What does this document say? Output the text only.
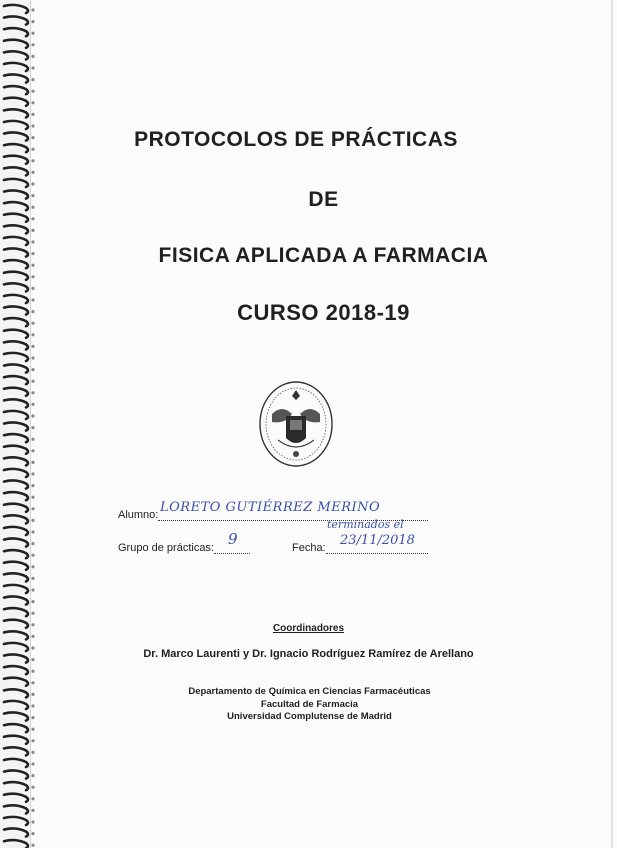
PROTOCOLOS DE PRÁCTICAS
DE
FISICA APLICADA A FARMACIA
CURSO 2018-19
Alumno: LORETO GUTIÉRREZ MERINO
Grupo de prácticas: 9	Fecha:
terminados el
23/11/2018
Coordinadores
Dr. Marco Laurenti y Dr. Ignacio Rodríguez Ramírez de Arellano
Departamento de Química en Ciencias Farmacéuticas
Facultad de Farmacia
Universidad Complutense de Madrid
